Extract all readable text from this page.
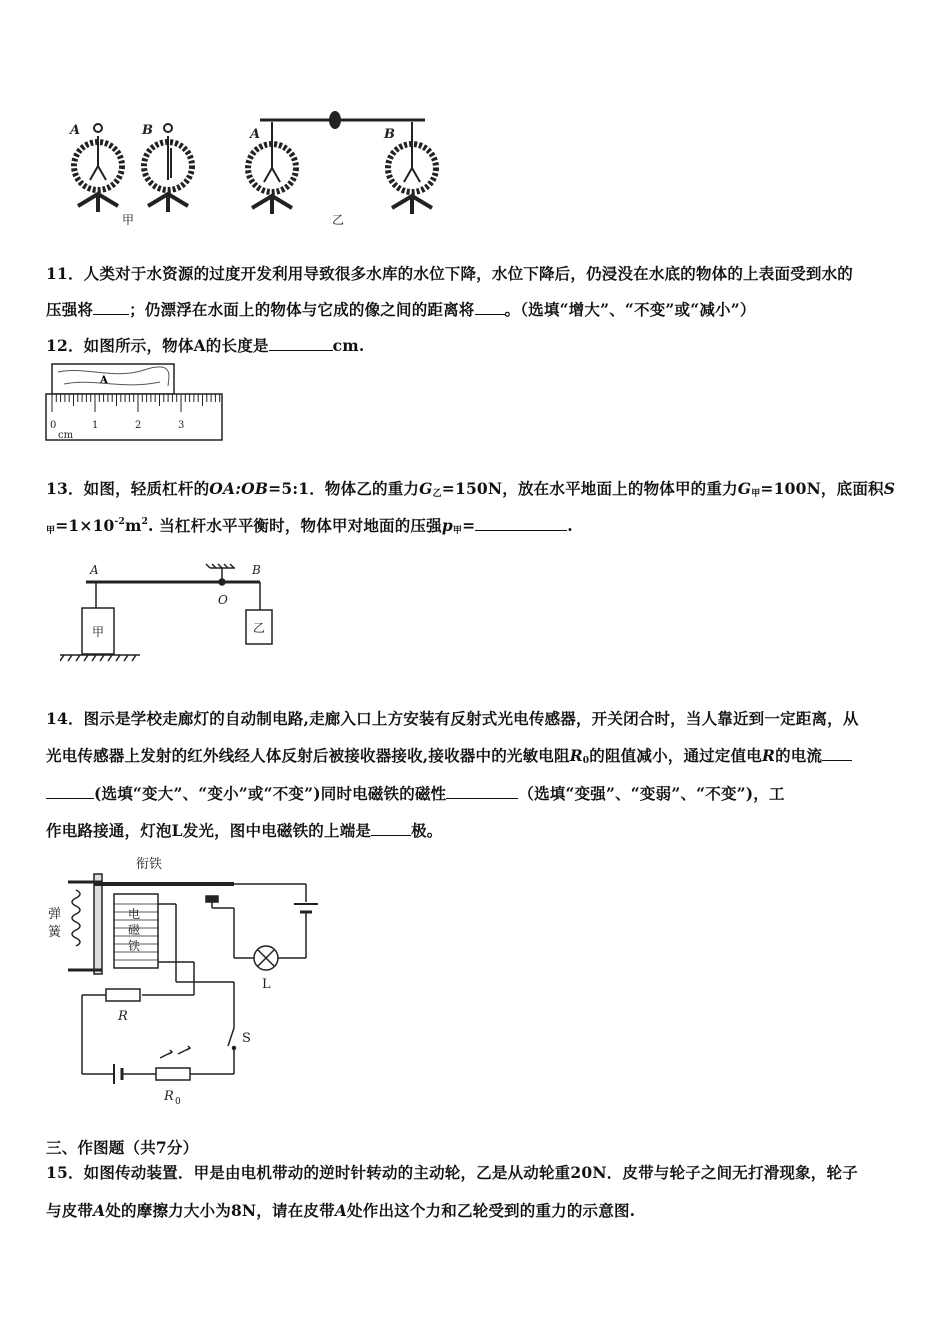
A	B	A	B
甲	乙
11．人类对于水资源的过度开发利用导致很多水库的水位下降，水位下降后，仍浸没在水底的物体的上表面受到水的
压强将 ；仍漂浮在水面上的物体与它成的像之间的距离将 。（选填“增大”、“不变”或“减小”）
12．如图所示，物体A的长度是	cm.
A
0	1	2	3
cm
13．如图，轻质杠杆的OA:OB=5:1．物体乙的重力$G_乙=150N$，放在水平地面上的物体甲的重力$G_甲=100N$，底面积S
$_甲=1\times 10^{-2}m^2$. 当杠杆水平平衡时，物体甲对地面的压强$p_甲=$	.
A	B
O
甲	乙
14．图示是学校走廊灯的自动制电路,走廊入口上方安装有反射式光电传感器，开关闭合时，当人靠近到一定距离，从
光电传感器上发射的红外线经人体反射后被接收器接收,接收器中的光敏电阻$R_0$的阻值减小，通过定值电R的电流
(选填“变大”、“变小”或“不变”)同时电磁铁的磁性	（选填“变强”、“变弱”、“不变”)，工
作电路接通，灯泡L发光，图中电磁铁的上端是	极。
衔铁
弹
簧
电
磁
铁
L
R
S
R 0
三、作图题（共7分）
15．如图传动装置．甲是由电机带动的逆时针转动的主动轮，乙是从动轮重20N．皮带与轮子之间无打滑现象，轮子
与皮带A处的摩擦力大小为8N，请在皮带A处作出这个力和乙轮受到的重力的示意图.
